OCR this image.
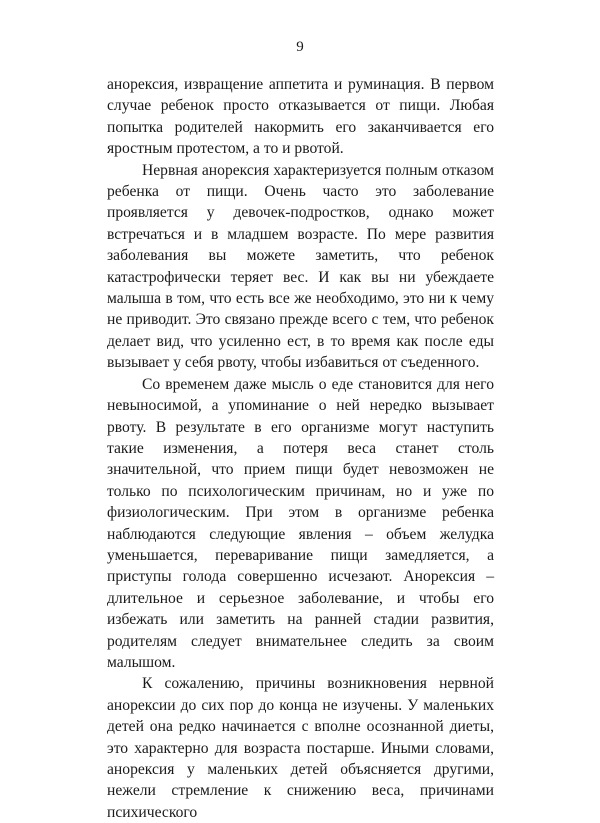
9

анорексия, извращение аппетита и руминация. В первом случае ребенок просто отказывается от пищи. Любая попытка родителей накормить его заканчивается его яростным протестом, а то и рвотой.

Нервная анорексия характеризуется полным отказом ребенка от пищи. Очень часто это заболевание проявляется у девочек-подростков, однако может встречаться и в младшем возрасте. По мере развития заболевания вы можете заметить, что ребенок катастрофически теряет вес. И как вы ни убеждаете малыша в том, что есть все же необходимо, это ни к чему не приводит. Это связано прежде всего с тем, что ребенок делает вид, что усиленно ест, в то время как после еды вызывает у себя рвоту, чтобы избавиться от съеденного.

Со временем даже мысль о еде становится для него невыносимой, а упоминание о ней нередко вызывает рвоту. В результате в его организме могут наступить такие изменения, а потеря веса станет столь значительной, что прием пищи будет невозможен не только по психологическим причинам, но и уже по физиологическим. При этом в организме ребенка наблюдаются следующие явления – объем желудка уменьшается, переваривание пищи замедляется, а приступы голода совершенно исчезают. Анорексия – длительное и серьезное заболевание, и чтобы его избежать или заметить на ранней стадии развития, родителям следует внимательнее следить за своим малышом.

К сожалению, причины возникновения нервной анорексии до сих пор до конца не изучены. У маленьких детей она редко начинается с вполне осознанной диеты, это характерно для возраста постарше. Иными словами, анорексия у маленьких детей объясняется другими, нежели стремление к снижению веса, причинами психического
